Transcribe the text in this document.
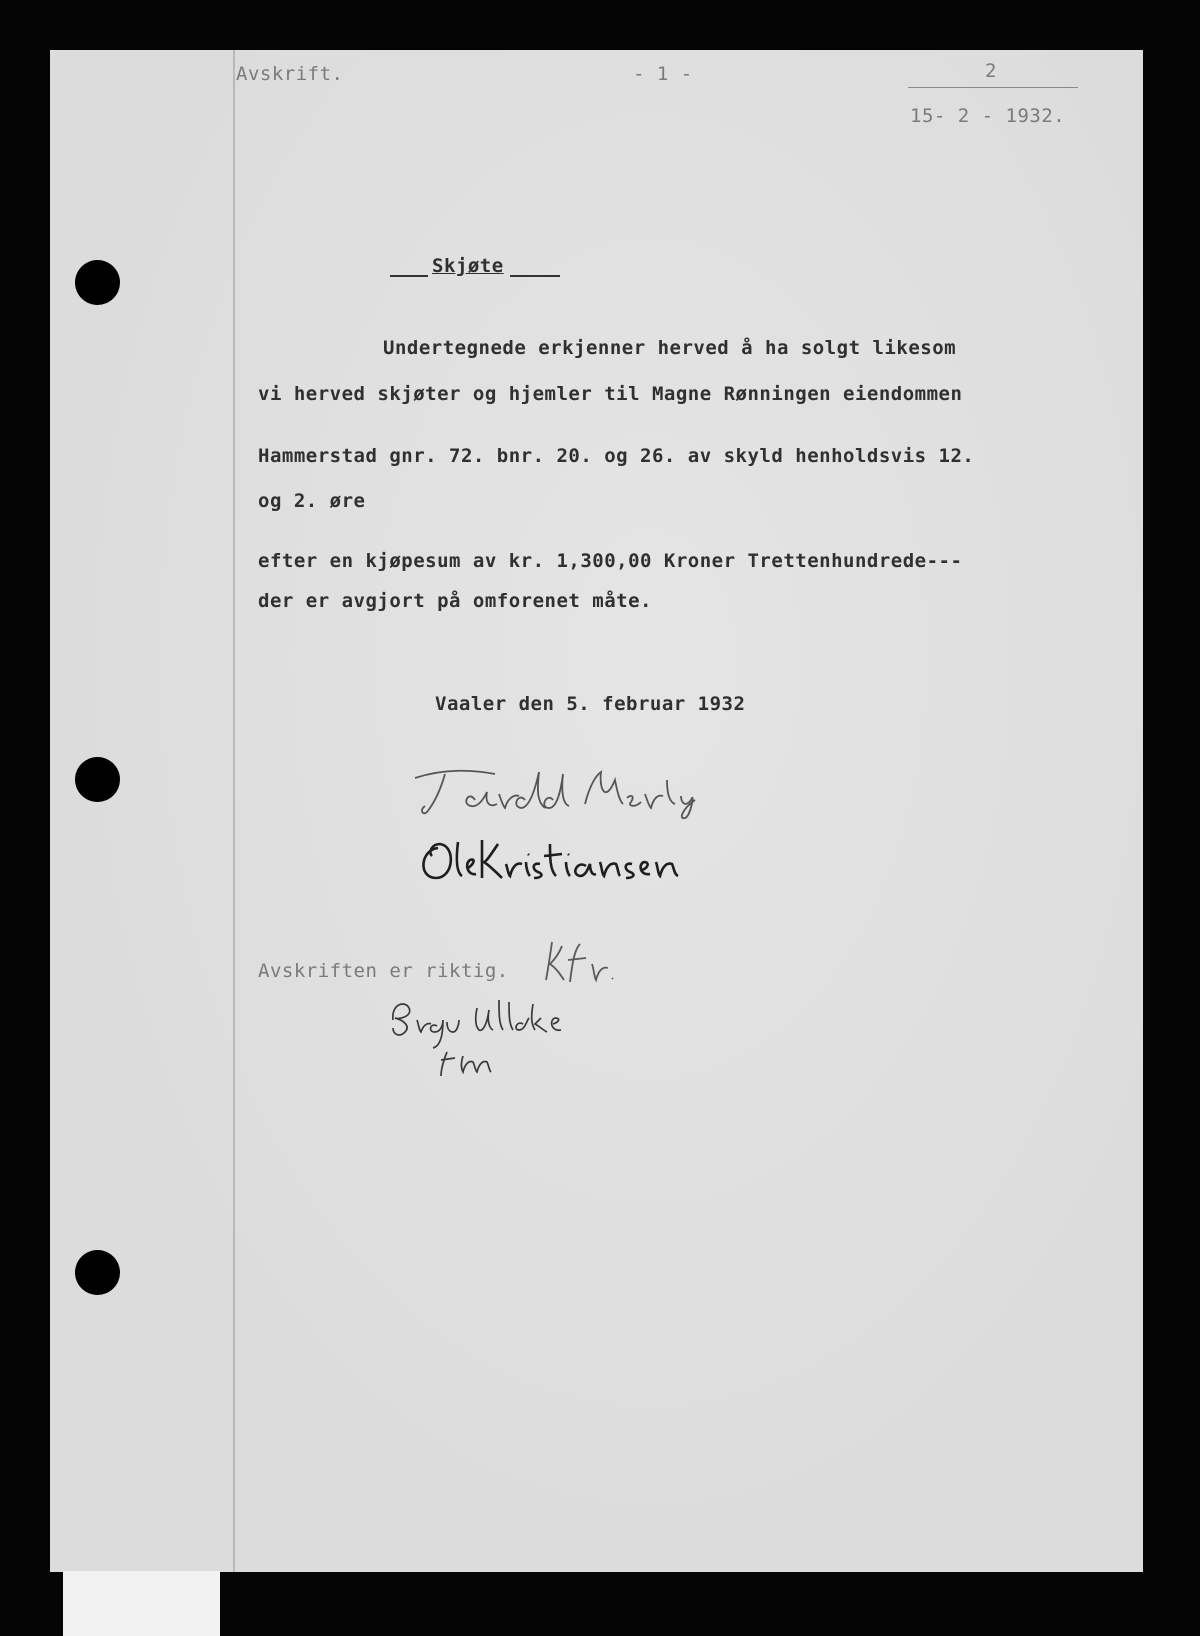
Avskrift.	- 1 -	2
15- 2 - 1932.
Skjøte
Undertegnede erkjenner herved å ha solgt likesom
vi herved skjøter og hjemler til Magne Rønningen eiendommen
Hammerstad gnr. 72. bnr. 20. og 26. av skyld henholdsvis 12.
og 2. øre
efter en kjøpesum av kr. 1,300,00 Kroner Trettenhundrede---
der er avgjort på omforenet måte.
Vaaler den 5. februar 1932
Avskriften er riktig.
